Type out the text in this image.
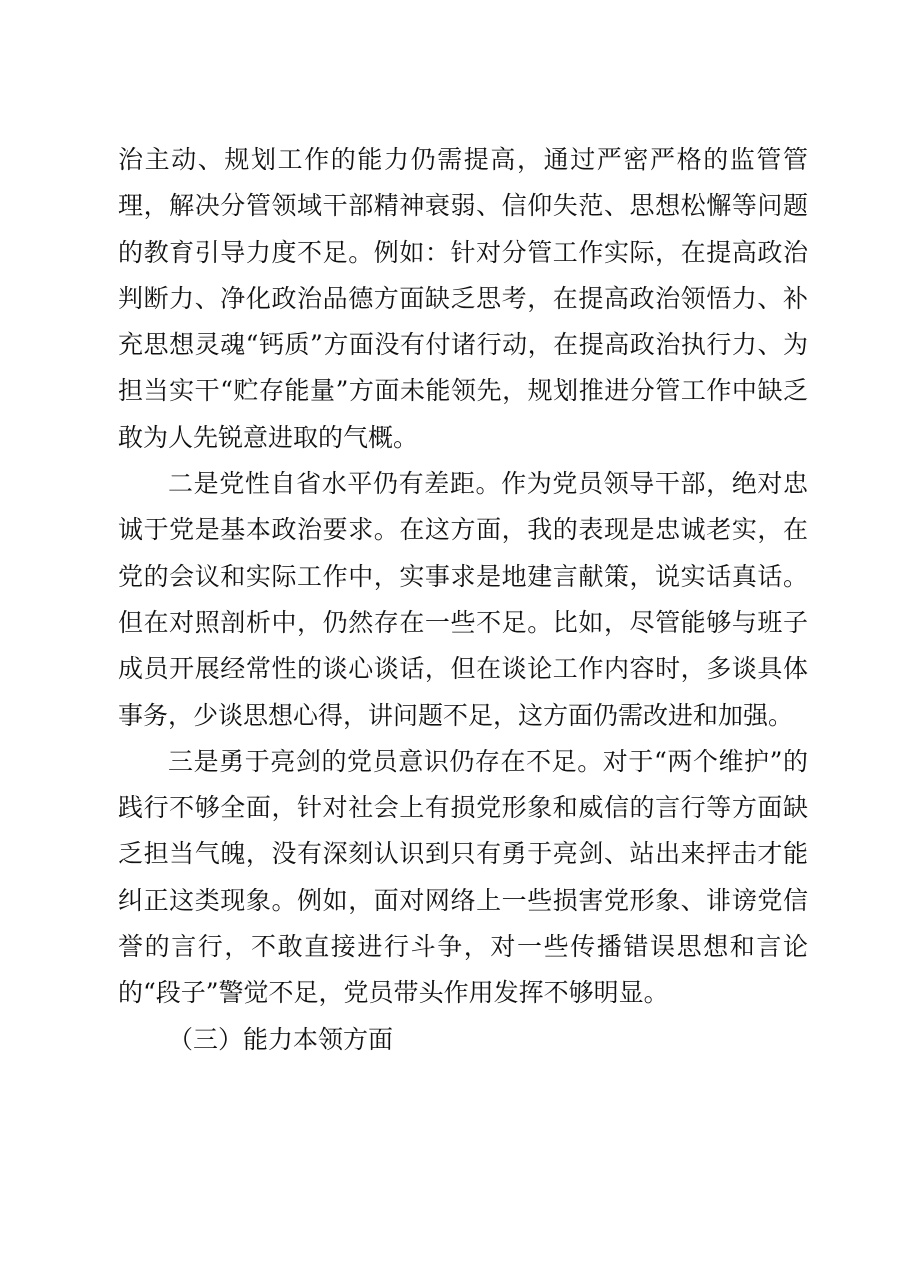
治主动、规划工作的能力仍需提高，通过严密严格的监管管理，解决分管领域干部精神衰弱、信仰失范、思想松懈等问题的教育引导力度不足。例如：针对分管工作实际，在提高政治判断力、净化政治品德方面缺乏思考，在提高政治领悟力、补充思想灵魂“钙质”方面没有付诸行动，在提高政治执行力、为担当实干“贮存能量”方面未能领先，规划推进分管工作中缺乏敢为人先锐意进取的气概。

二是党性自省水平仍有差距。作为党员领导干部，绝对忠诚于党是基本政治要求。在这方面，我的表现是忠诚老实，在党的会议和实际工作中，实事求是地建言献策，说实话真话。但在对照剖析中，仍然存在一些不足。比如，尽管能够与班子成员开展经常性的谈心谈话，但在谈论工作内容时，多谈具体事务，少谈思想心得，讲问题不足，这方面仍需改进和加强。

三是勇于亮剑的党员意识仍存在不足。对于“两个维护”的践行不够全面，针对社会上有损党形象和威信的言行等方面缺乏担当气魄，没有深刻认识到只有勇于亮剑、站出来抨击才能纠正这类现象。例如，面对网络上一些损害党形象、诽谤党信誉的言行，不敢直接进行斗争，对一些传播错误思想和言论的“段子”警觉不足，党员带头作用发挥不够明显。

（三）能力本领方面
